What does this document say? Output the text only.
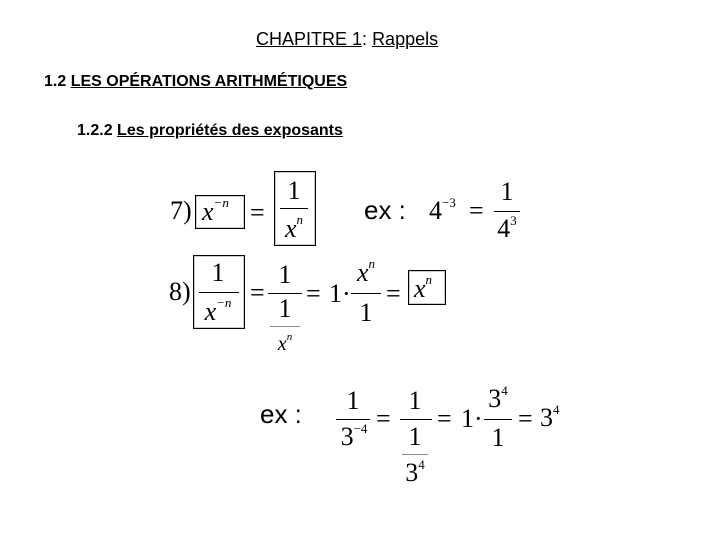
CHAPITRE 1: Rappels
1.2 LES OPÉRATIONS ARITHMÉTIQUES
1.2.2 Les propriétés des exposants
7) $x^{-n}$ =
1
$x^n$	ex : $4^{-3}$ =
1
$4^3$
8)
1
$x^{-n}$ =
1
1
$x^n$
= 1·
$x^n$
1
= $x^n$
ex :	1
$3^{-4}$ =
1
1
$3^4$
= 1·
$3^4$
1
= $3^4$
